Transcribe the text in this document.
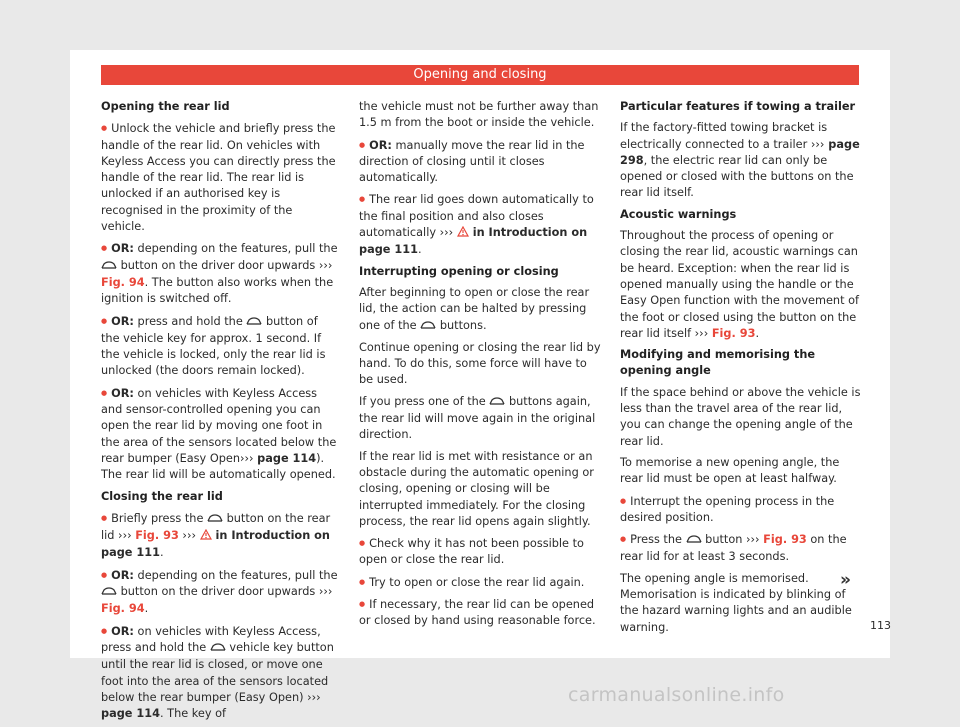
Opening and closing
Opening the rear lid

● Unlock the vehicle and briefly press the handle of the rear lid. On vehicles with Keyless Access you can directly press the handle of the rear lid. The rear lid is unlocked if an authorised key is recognised in the proximity of the vehicle.

● OR: depending on the features, pull the  button on the driver door upwards ››› Fig. 94. The button also works when the ignition is switched off.

● OR: press and hold the  button of the vehicle key for approx. 1 second. If the vehicle is locked, only the rear lid is unlocked (the doors remain locked).

● OR: on vehicles with Keyless Access and sensor-controlled opening you can open the rear lid by moving one foot in the area of the sensors located below the rear bumper (Easy Open››› page 114). The rear lid will be automatically opened.

Closing the rear lid

● Briefly press the  button on the rear lid ››› Fig. 93 ›››  in Introduction on page 111.

● OR: depending on the features, pull the  button on the driver door upwards ››› Fig. 94.

● OR: on vehicles with Keyless Access, press and hold the  vehicle key button until the rear lid is closed, or move one foot into the area of the sensors located below the rear bumper (Easy Open) ››› page 114. The key of

the vehicle must not be further away than 1.5 m from the boot or inside the vehicle.

● OR: manually move the rear lid in the direction of closing until it closes automatically.

● The rear lid goes down automatically to the final position and also closes automatically ›››  in Introduction on page 111.

Interrupting opening or closing

After beginning to open or close the rear lid, the action can be halted by pressing one of the  buttons.

Continue opening or closing the rear lid by hand. To do this, some force will have to be used.

If you press one of the  buttons again, the rear lid will move again in the original direction.

If the rear lid is met with resistance or an obstacle during the automatic opening or closing, opening or closing will be interrupted immediately. For the closing process, the rear lid opens again slightly.

● Check why it has not been possible to open or close the rear lid.

● Try to open or close the rear lid again.

● If necessary, the rear lid can be opened or closed by hand using reasonable force.

Particular features if towing a trailer

If the factory-fitted towing bracket is electrically connected to a trailer ››› page 298, the electric rear lid can only be opened or closed with the buttons on the rear lid itself.

Acoustic warnings

Throughout the process of opening or closing the rear lid, acoustic warnings can be heard. Exception: when the rear lid is opened manually using the handle or the Easy Open function with the movement of the foot or closed using the button on the rear lid itself ››› Fig. 93.

Modifying and memorising the opening angle

If the space behind or above the vehicle is less than the travel area of the rear lid, you can change the opening angle of the rear lid.

To memorise a new opening angle, the rear lid must be open at least halfway.

● Interrupt the opening process in the desired position.

● Press the  button ››› Fig. 93 on the rear lid for at least 3 seconds.

The opening angle is memorised. Memorisation is indicated by blinking of the hazard warning lights and an audible warning.

»
113
carmanualsonline.info
